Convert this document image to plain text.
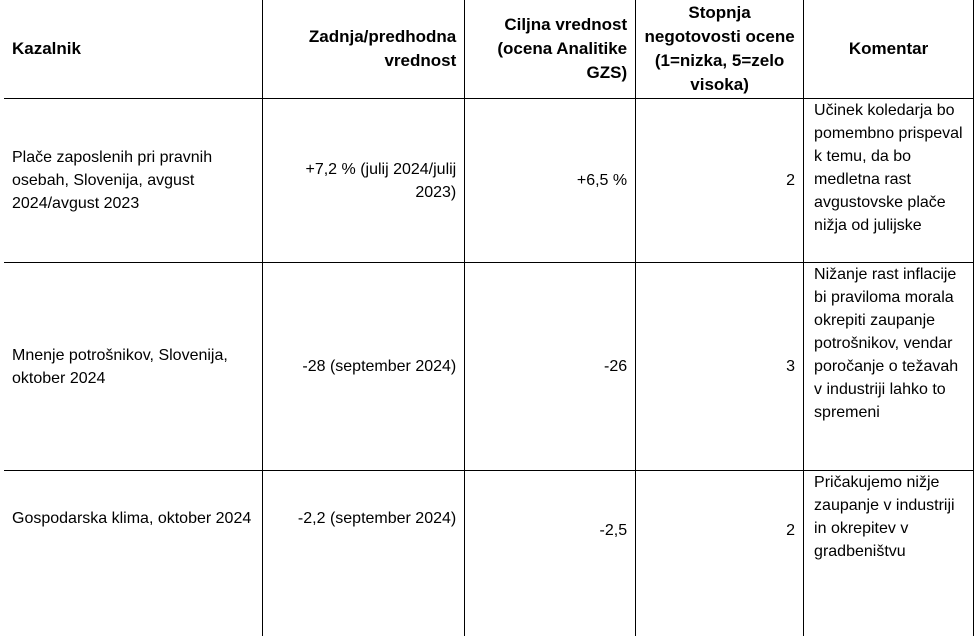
Kazalnik	Zadnja/predhodna vrednost	Ciljna vrednost (ocena Analitike GZS)	Stopnja negotovosti ocene (1=nizka, 5=zelo visoka)	Komentar
Plače zaposlenih pri pravnih osebah, Slovenija, avgust 2024/avgust 2023	+7,2 % (julij 2024/julij 2023)	+6,5 %	2	Učinek koledarja bo pomembno prispeval k temu, da bo medletna rast avgustovske plače nižja od julijske
Mnenje potrošnikov, Slovenija, oktober 2024	-28 (september 2024)	-26	3	Nižanje rast inflacije bi praviloma morala okrepiti zaupanje potrošnikov, vendar poročanje o težavah v industriji lahko to spremeni
Gospodarska klima, oktober 2024	-2,2 (september 2024)	-2,5	2	Pričakujemo nižje zaupanje v industriji in okrepitev v gradbeništvu
